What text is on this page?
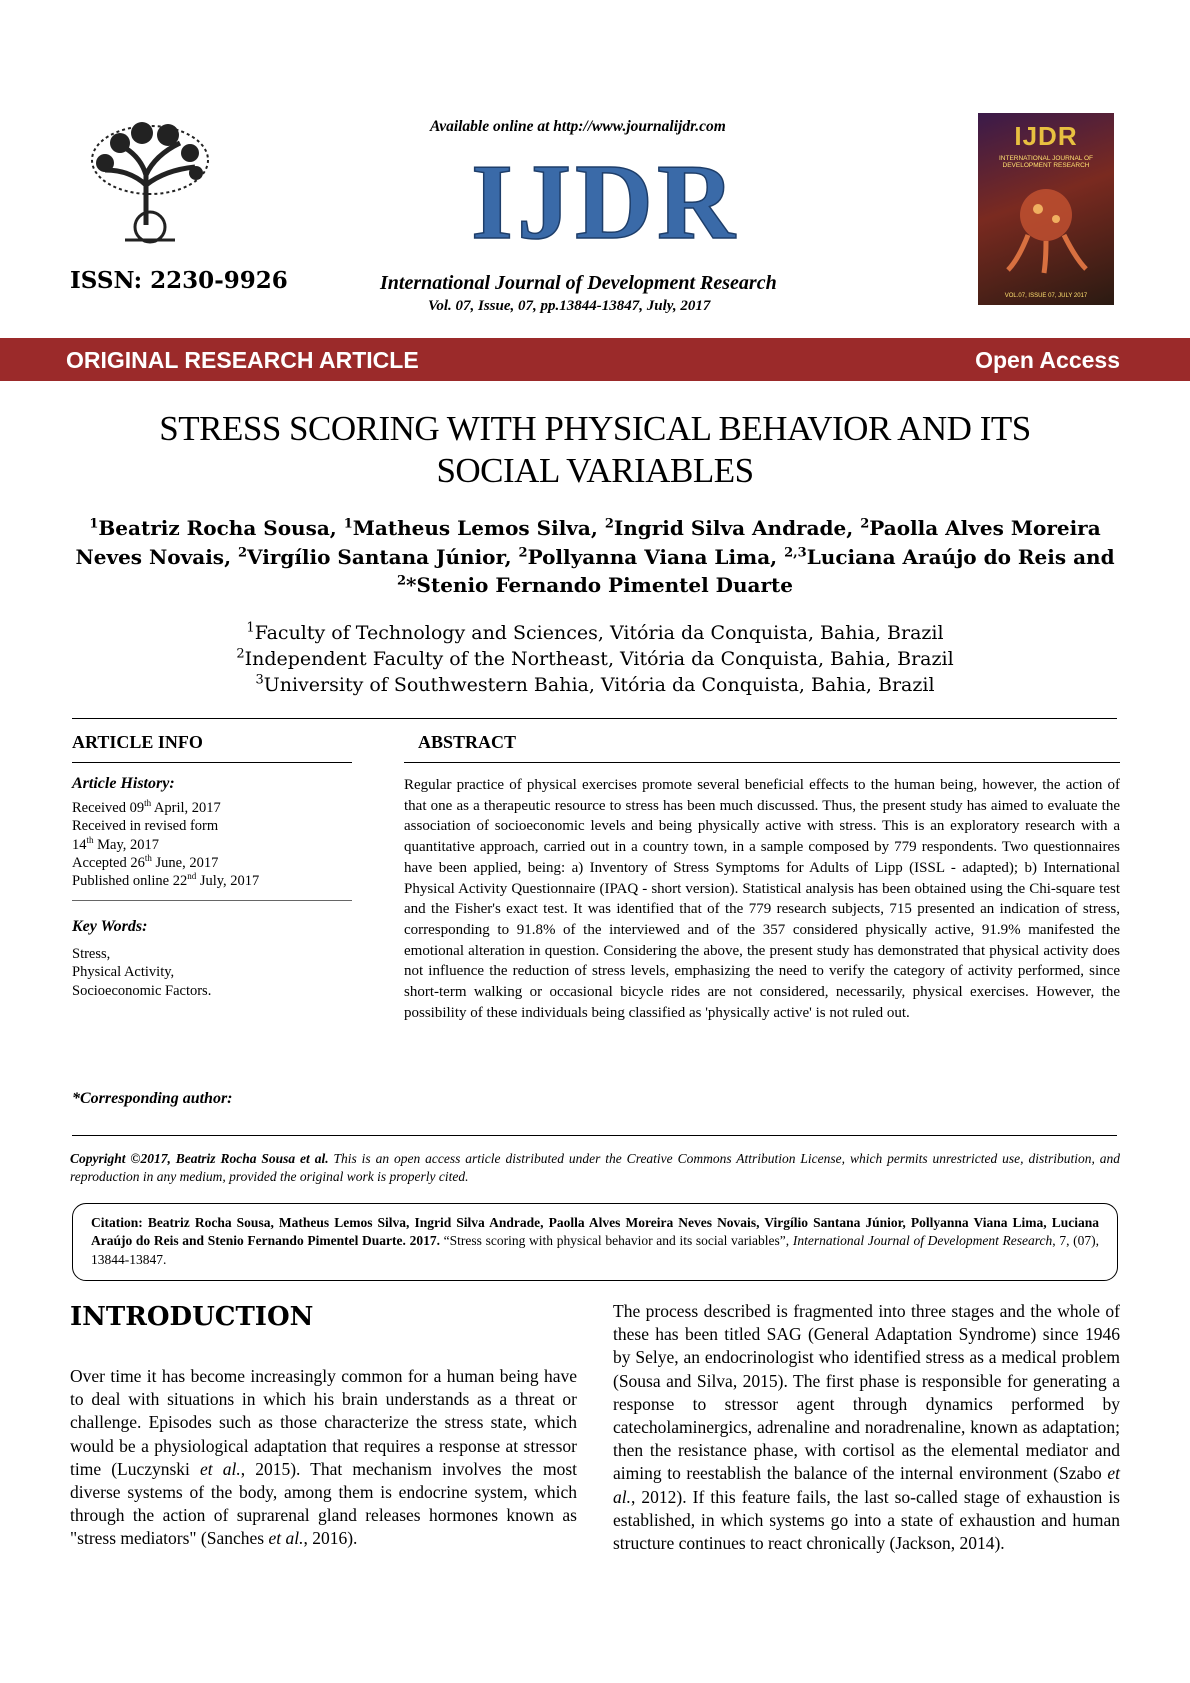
ISSN: 2230-9926
Available online at http://www.journalijdr.com
IJDR
International Journal of Development Research
Vol. 07, Issue, 07, pp.13844-13847, July, 2017
IJDR
INTERNATIONAL JOURNAL OF DEVELOPMENT RESEARCH
VOL.07, ISSUE 07, JULY 2017
ORIGINAL RESEARCH ARTICLE	Open Access
STRESS SCORING WITH PHYSICAL BEHAVIOR AND ITS
SOCIAL VARIABLES
$^1$Beatriz Rocha Sousa, $^1$Matheus Lemos Silva, $^2$Ingrid Silva Andrade, $^2$Paolla Alves Moreira
Neves Novais, $^2$Virgílio Santana Júnior, $^2$Pollyanna Viana Lima, $^{2,3}$Luciana Araújo do Reis and
$^2$*Stenio Fernando Pimentel Duarte
$^1$Faculty of Technology and Sciences, Vitória da Conquista, Bahia, Brazil
$^2$Independent Faculty of the Northeast, Vitória da Conquista, Bahia, Brazil
$^3$University of Southwestern Bahia, Vitória da Conquista, Bahia, Brazil
ARTICLE INFO
Article History:
Received 09th April, 2017
Received in revised form
14th May, 2017
Accepted 26th June, 2017
Published online 22nd July, 2017
Key Words:
Stress,
Physical Activity,
Socioeconomic Factors.
*Corresponding author:
ABSTRACT
Regular practice of physical exercises promote several beneficial effects to the human being, however, the action of that one as a therapeutic resource to stress has been much discussed. Thus, the present study has aimed to evaluate the association of socioeconomic levels and being physically active with stress. This is an exploratory research with a quantitative approach, carried out in a country town, in a sample composed by 779 respondents. Two questionnaires have been applied, being: a) Inventory of Stress Symptoms for Adults of Lipp (ISSL - adapted); b) International Physical Activity Questionnaire (IPAQ - short version). Statistical analysis has been obtained using the Chi-square test and the Fisher's exact test. It was identified that of the 779 research subjects, 715 presented an indication of stress, corresponding to 91.8% of the interviewed and of the 357 considered physically active, 91.9% manifested the emotional alteration in question. Considering the above, the present study has demonstrated that physical activity does not influence the reduction of stress levels, emphasizing the need to verify the category of activity performed, since short-term walking or occasional bicycle rides are not considered, necessarily, physical exercises. However, the possibility of these individuals being classified as 'physically active' is not ruled out.
Copyright ©2017, Beatriz Rocha Sousa et al. This is an open access article distributed under the Creative Commons Attribution License, which permits unrestricted use, distribution, and reproduction in any medium, provided the original work is properly cited.
Citation: Beatriz Rocha Sousa, Matheus Lemos Silva, Ingrid Silva Andrade, Paolla Alves Moreira Neves Novais, Virgílio Santana Júnior, Pollyanna Viana Lima, Luciana Araújo do Reis and Stenio Fernando Pimentel Duarte. 2017. “Stress scoring with physical behavior and its social variables”, International Journal of Development Research, 7, (07), 13844-13847.
INTRODUCTION

Over time it has become increasingly common for a human being have to deal with situations in which his brain understands as a threat or challenge. Episodes such as those characterize the stress state, which would be a physiological adaptation that requires a response at stressor time (Luczynski et al., 2015). That mechanism involves the most diverse systems of the body, among them is endocrine system, which through the action of suprarenal gland releases hormones known as "stress mediators" (Sanches et al., 2016).

The process described is fragmented into three stages and the whole of these has been titled SAG (General Adaptation Syndrome) since 1946 by Selye, an endocrinologist who identified stress as a medical problem (Sousa and Silva, 2015). The first phase is responsible for generating a response to stressor agent through dynamics performed by catecholaminergics, adrenaline and noradrenaline, known as adaptation; then the resistance phase, with cortisol as the elemental mediator and aiming to reestablish the balance of the internal environment (Szabo et al., 2012). If this feature fails, the last so-called stage of exhaustion is established, in which systems go into a state of exhaustion and human structure continues to react chronically (Jackson, 2014).
